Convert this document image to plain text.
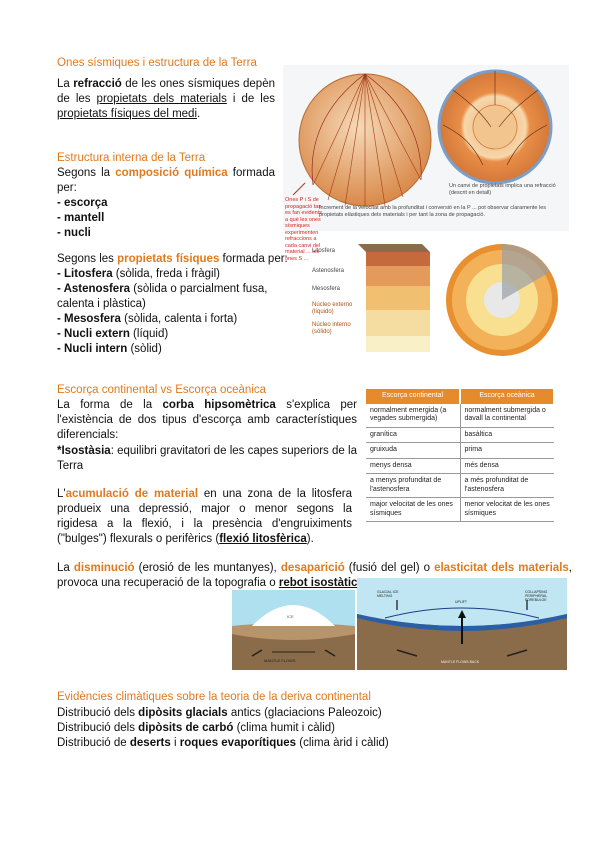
Ones sísmiques i estructura de la Terra
La refracció de les ones sísmiques depèn de les propietats dels materials i de les propietats físiques del medi.
Ones P i S de propagació tan es fan evidents a què les ones sísmiques experimenten refraccions a cada canvi del material ... les ones S ...
Increment de la velocitat amb la profunditat i conversió en la P ... pot observar claramente les propietats elàstiques dels materials i per tant la zona de propagació.
Un canvi de propietats implica una refracció (descrit en detall)
Estructura interna de la Terra
Segons la composició química formada per:
- escorça
- mantell
- nucli
Segons les propietats físiques formada per:
- Litosfera (sòlida, freda i fràgil)
- Astenosfera (sòlida o parcialment fusa, calenta i plàstica)
- Mesosfera (sòlida, calenta i forta)
- Nucli extern (líquid)
- Nucli intern (sòlid)
Litosfera
Astenosfera
Mesosfera
Núcleo externo (líquido)
Núcleo interno (sólido)
Escorça continental vs Escorça oceànica
La forma de la corba hipsomètrica s'explica per l'existència de dos tipus d'escorça amb característiques diferencials:
*Isostàsia: equilibri gravitatori de les capes superiors de la Terra
L'acumulació de material en una zona de la litosfera produeix una depressió, major o menor segons la rigidesa a la flexió, i la presència d'engruiximents ("bulges") flexurals o perifèrics (flexió litosfèrica).
Escorça continental	Escorça oceànica
normalment emergida (a vegades submergida)	normalment submergida o davall la continental
granítica	basàltica
gruixuda	prima
menys densa	més densa
a menys profunditat de l'astenosfera	a més profunditat de l'astenosfera
major velocitat de les ones sísmiques	menor velocitat de les ones sísmiques
La disminució (erosió de les muntanyes), desaparició (fusió del gel) o elasticitat dels materials, provoca una recuperació de la topografia o rebot isostàtic
ICE
MANTLE FLOWS
GLACIAL ICE MELTING
UPLIFT
COLLAPSING PERIPHERAL FOREBULGE
MANTLE FLOWS BACK
Evidències climàtiques sobre la teoria de la deriva continental
Distribució dels dipòsits glacials antics (glaciacions Paleozoic)
Distribució dels dipòsits de carbó (clima humit i càlid)
Distribució de deserts i roques evaporítiques (clima àrid i càlid)
